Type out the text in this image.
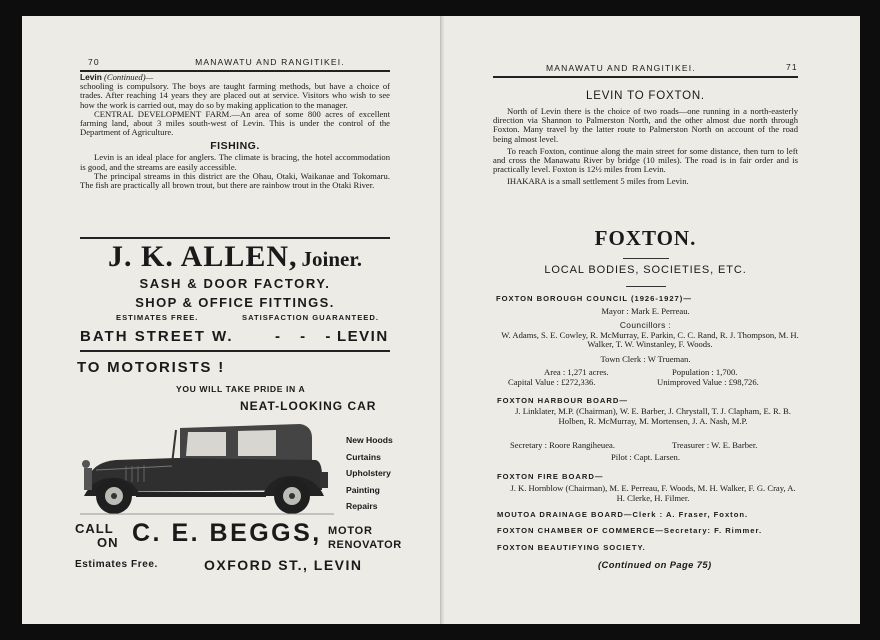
70	MANAWATU AND RANGITIKEI.
Levin (Continued)—
schooling is compulsory. The boys are taught farming methods, but have a choice of trades. After reaching 14 years they are placed out at service. Visitors who wish to see how the work is carried out, may do so by making application to the manager.
CENTRAL DEVELOPMENT FARM.—An area of some 800 acres of excellent farming land, about 3 miles south-west of Levin. This is under the control of the Department of Agriculture.
FISHING.
Levin is an ideal place for anglers. The climate is bracing, the hotel accommodation is good, and the streams are easily accessible.
The principal streams in this district are the Ohau, Otaki, Waikanae and Tokomaru. The fish are practically all brown trout, but there are rainbow trout in the Otaki River.
J. K. ALLEN, Joiner.
SASH & DOOR FACTORY.
SHOP & OFFICE FITTINGS.
ESTIMATES FREE.	SATISFACTION GUARANTEED.
BATH STREET W.	- - -
LEVIN
TO MOTORISTS !
YOU WILL TAKE PRIDE IN A
NEAT-LOOKING CAR
New Hoods
Curtains
Upholstery
Painting
Repairs
CALL
ON C. E. BEGGS, MOTOR
RENOVATOR
Estimates Free.	OXFORD ST., LEVIN
MANAWATU AND RANGITIKEI.	71
LEVIN TO FOXTON.
North of Levin there is the choice of two roads—one running in a north-easterly direction via Shannon to Palmerston North, and the other almost due north through Foxton. Many travel by the latter route to Palmerston North on account of the road being almost level.
To reach Foxton, continue along the main street for some distance, then turn to left and cross the Manawatu River by bridge (10 miles). The road is in fair order and is practically level. Foxton is 12½ miles from Levin.
IHAKARA is a small settlement 5 miles from Levin.
FOXTON.
LOCAL BODIES, SOCIETIES, ETC.
FOXTON BOROUGH COUNCIL (1926-1927)—
Mayor : Mark E. Perreau.
Councillors :
W. Adams, S. E. Cowley, R. McMurray, E. Parkin, C. C. Rand, R. J. Thompson, M. H. Walker, T. W. Winstanley, F. Woods.
Town Clerk : W Trueman.
Area : 1,271 acres.	Population : 1,700.
Capital Value : £272,336.	Unimproved Value : £98,726.
FOXTON HARBOUR BOARD—
J. Linklater, M.P. (Chairman), W. E. Barber, J. Chrystall, T. J. Clapham, E. R. B. Holben, R. McMurray, M. Mortensen, J. A. Nash, M.P.
Secretary : Roore Rangiheuea.	Treasurer : W. E. Barber.
Pilot : Capt. Larsen.
FOXTON FIRE BOARD—
J. K. Hornblow (Chairman), M. E. Perreau, F. Woods, M. H. Walker, F. G. Cray, A. H. Clerke, H. Filmer.
MOUTOA DRAINAGE BOARD—Clerk : A. Fraser, Foxton.
FOXTON CHAMBER OF COMMERCE—Secretary: F. Rimmer.
FOXTON BEAUTIFYING SOCIETY.
(Continued on Page 75)
